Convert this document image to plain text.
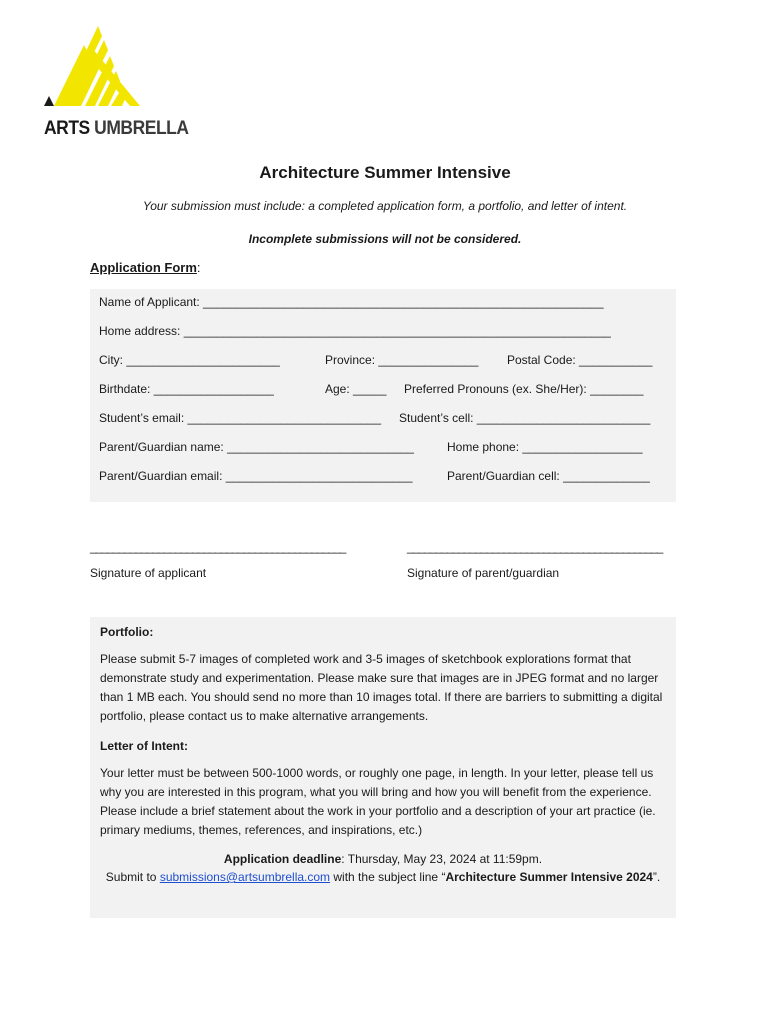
ARTS UMBRELLA
Architecture Summer Intensive
Your submission must include: a completed application form, a portfolio, and letter of intent.
Incomplete submissions will not be considered.
Application Form:
Name of Applicant: ____________________________________________________________
Home address: ________________________________________________________________
City: _______________________	Province: _______________ Postal Code: ___________
Birthdate: __________________	Age: _____ Preferred Pronouns (ex. She/Her): ________
Student’s email: _____________________________ Student’s cell: __________________________
Parent/Guardian name: ____________________________	Home phone: __________________
Parent/Guardian email: ____________________________	Parent/Guardian cell: _____________
_____________________________________________	_____________________________________________
Signature of applicant	Signature of parent/guardian
Portfolio:
Please submit 5-7 images of completed work and 3-5 images of sketchbook explorations format that demonstrate study and experimentation. Please make sure that images are in JPEG format and no larger than 1 MB each. You should send no more than 10 images total. If there are barriers to submitting a digital portfolio, please contact us to make alternative arrangements.
Letter of Intent:
Your letter must be between 500-1000 words, or roughly one page, in length. In your letter, please tell us why you are interested in this program, what you will bring and how you will benefit from the experience. Please include a brief statement about the work in your portfolio and a description of your art practice (ie. primary mediums, themes, references, and inspirations, etc.)
Application deadline: Thursday, May 23, 2024 at 11:59pm.
Submit to submissions@artsumbrella.com with the subject line “Architecture Summer Intensive 2024”.
